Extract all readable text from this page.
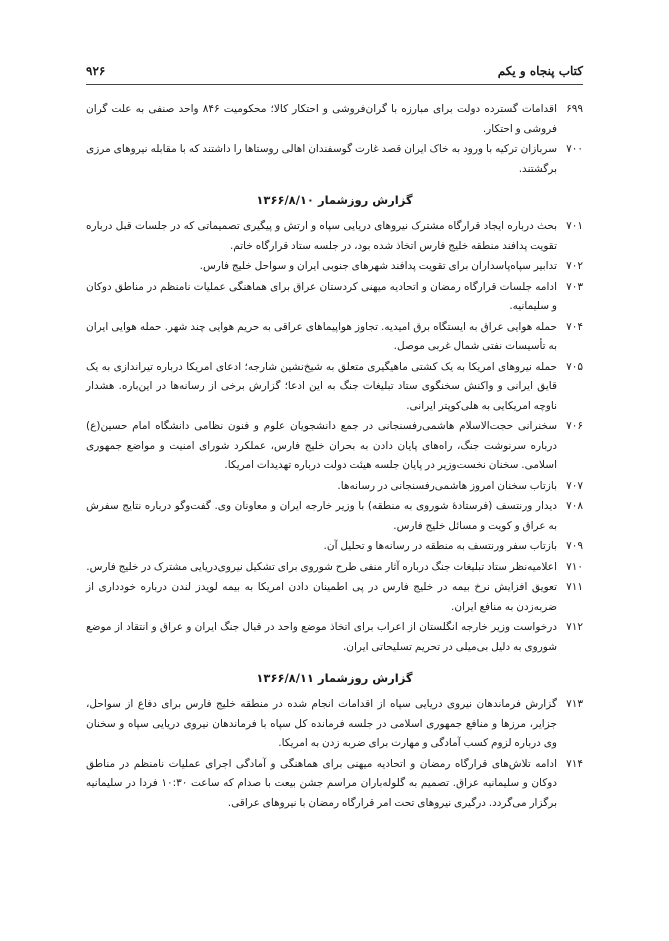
کتاب پنجاه و یکم
۹۲۶
۶۹۹
اقدامات گسترده دولت برای مبارزه با گران‌فروشی و احتکار کالا؛ محکومیت ۸۴۶ واحد صنفی به علت گران فروشی و احتکار.
۷۰۰
سربازان ترکیه با ورود به خاک ایران قصد غارت گوسفندان اهالی روستاها را داشتند که با مقابله نیروهای مرزی برگشتند.
گزارش روزشمار ۱۳۶۶/۸/۱۰
۷۰۱
بحث درباره ایجاد قرارگاه مشترک نیروهای دریایی سپاه و ارتش و پیگیری تصمیماتی که در جلسات قبل درباره تقویت پدافند منطقه خلیج فارس اتخاذ شده بود، در جلسه ستاد قرارگاه خاتم.
۷۰۲
تدابیر سپاه‌پاسداران برای تقویت پدافند شهرهای جنوبی ایران و سواحل خلیج فارس.
۷۰۳
ادامه جلسات قرارگاه رمضان و اتحادیه میهنی کردستان عراق برای هماهنگی عملیات نامنظم در مناطق دوکان و سلیمانیه.
۷۰۴
حمله هوایی عراق به ایستگاه برق امیدیه. تجاوز هواپیماهای عراقی به حریم هوایی چند شهر. حمله هوایی ایران به تأسیسات نفتی شمال غربی موصل.
۷۰۵
حمله نیروهای امریکا به یک کشتی ماهیگیری متعلق به شیخ‌نشین شارجه؛ ادعای امریکا درباره تیراندازی به یک قایق ایرانی و واکنش سخنگوی ستاد تبلیغات جنگ به این ادعا؛ گزارش برخی از رسانه‌ها در این‌باره. هشدار ناوچه امریکایی به هلی‌کوپتر ایرانی.
۷۰۶
سخنرانی حجت‌الاسلام هاشمی‌رفسنجانی در جمع دانشجویان علوم و فنون نظامی دانشگاه امام حسین(ع) درباره سرنوشت جنگ، راه‌های پایان دادن به بحران خلیج فارس، عملکرد شورای امنیت و مواضع جمهوری اسلامی. سخنان نخست‌وزیر در پایان جلسه هیئت دولت درباره تهدیدات امریکا.
۷۰۷
بازتاب سخنان امروز هاشمی‌رفسنجانی در رسانه‌ها.
۷۰۸
دیدار ورنتسف (فرستادۀ شوروی به منطقه) با وزیر خارجه ایران و معاونان وی. گفت‌وگو درباره نتایج سفرش به عراق و کویت و مسائل خلیج فارس.
۷۰۹
بازتاب سفر ورنتسف به منطقه در رسانه‌ها و تحلیل آن.
۷۱۰
اعلامیه‌نظر ستاد تبلیغات جنگ درباره آثار منفی طرح شوروی برای تشکیل نیروی‌دریایی مشترک در خلیج فارس.
۷۱۱
تعویق افزایش نرخ بیمه در خلیج فارس در پی اطمینان دادن امریکا به بیمه لویدز لندن درباره خودداری از ضربه‌زدن به منافع ایران.
۷۱۲
درخواست وزیر خارجه انگلستان از اعراب برای اتخاذ موضع واحد در قبال جنگ ایران و عراق و انتقاد از موضع شوروی به دلیل بی‌میلی در تحریم تسلیحاتی ایران.
گزارش روزشمار ۱۳۶۶/۸/۱۱
۷۱۳
گزارش فرماندهان نیروی دریایی سپاه از اقدامات انجام شده در منطقه خلیج فارس برای دفاع از سواحل، جزایر، مرزها و منافع جمهوری اسلامی در جلسه فرمانده کل سپاه با فرماندهان نیروی دریایی سپاه و سخنان وی درباره لزوم کسب آمادگی و مهارت برای ضربه زدن به امریکا.
۷۱۴
ادامه تلاش‌های قرارگاه رمضان و اتحادیه میهنی برای هماهنگی و آمادگی اجرای عملیات نامنظم در مناطق دوکان و سلیمانیه عراق. تصمیم به گلوله‌باران مراسم جشن بیعت با صدام که ساعت ۱۰:۳۰ فردا در سلیمانیه برگزار می‌گردد. درگیری نیروهای تحت امر قرارگاه رمضان با نیروهای عراقی.
